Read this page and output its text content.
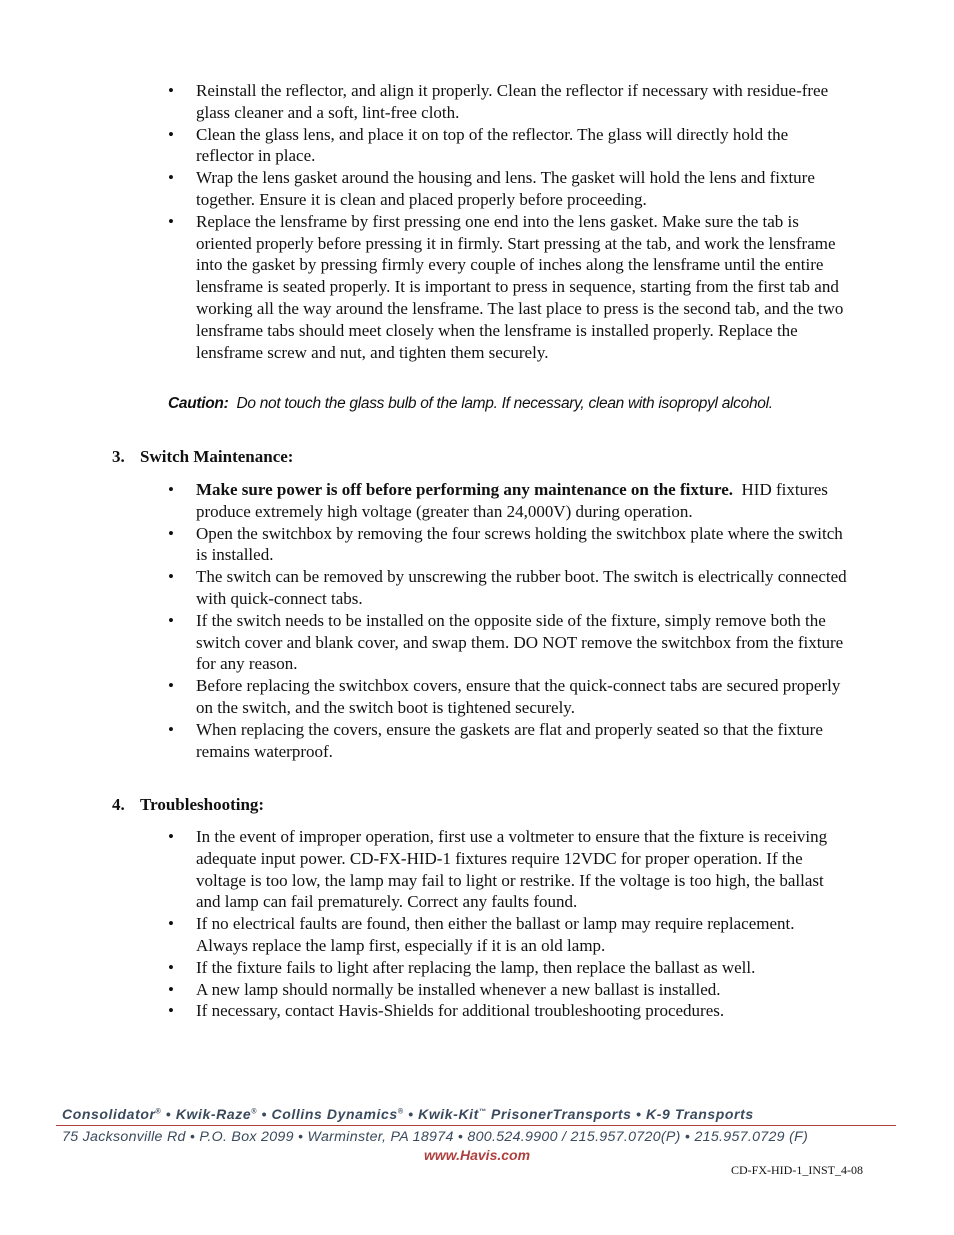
• Reinstall the reflector, and align it properly. Clean the reflector if necessary with residue-free glass cleaner and a soft, lint-free cloth.
• Clean the glass lens, and place it on top of the reflector. The glass will directly hold the reflector in place.
• Wrap the lens gasket around the housing and lens. The gasket will hold the lens and fixture together. Ensure it is clean and placed properly before proceeding.
• Replace the lensframe by first pressing one end into the lens gasket. Make sure the tab is oriented properly before pressing it in firmly. Start pressing at the tab, and work the lensframe into the gasket by pressing firmly every couple of inches along the lensframe until the entire lensframe is seated properly. It is important to press in sequence, starting from the first tab and working all the way around the lensframe. The last place to press is the second tab, and the two lensframe tabs should meet closely when the lensframe is installed properly. Replace the lensframe screw and nut, and tighten them securely.
Caution: Do not touch the glass bulb of the lamp. If necessary, clean with isopropyl alcohol.
3. Switch Maintenance:
• Make sure power is off before performing any maintenance on the fixture. HID fixtures produce extremely high voltage (greater than 24,000V) during operation.
• Open the switchbox by removing the four screws holding the switchbox plate where the switch is installed.
• The switch can be removed by unscrewing the rubber boot. The switch is electrically connected with quick-connect tabs.
• If the switch needs to be installed on the opposite side of the fixture, simply remove both the switch cover and blank cover, and swap them. DO NOT remove the switchbox from the fixture for any reason.
• Before replacing the switchbox covers, ensure that the quick-connect tabs are secured properly on the switch, and the switch boot is tightened securely.
• When replacing the covers, ensure the gaskets are flat and properly seated so that the fixture remains waterproof.
4. Troubleshooting:
• In the event of improper operation, first use a voltmeter to ensure that the fixture is receiving adequate input power. CD-FX-HID-1 fixtures require 12VDC for proper operation. If the voltage is too low, the lamp may fail to light or restrike. If the voltage is too high, the ballast and lamp can fail prematurely. Correct any faults found.
• If no electrical faults are found, then either the ballast or lamp may require replacement. Always replace the lamp first, especially if it is an old lamp.
• If the fixture fails to light after replacing the lamp, then replace the ballast as well.
• A new lamp should normally be installed whenever a new ballast is installed.
• If necessary, contact Havis-Shields for additional troubleshooting procedures.
Consolidator® • Kwik-Raze® • Collins Dynamics® • Kwik-Kit™ PrisonerTransports • K-9 Transports
75 Jacksonville Rd • P.O. Box 2099 • Warminster, PA 18974 • 800.524.9900 / 215.957.0720(P) • 215.957.0729 (F)
www.Havis.com
CD-FX-HID-1_INST_4-08
